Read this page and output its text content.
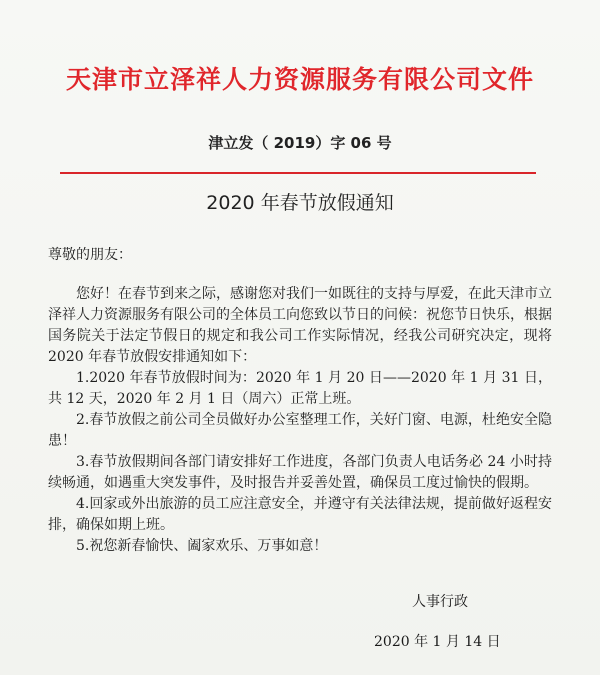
天津市立泽祥人力资源服务有限公司文件
津立发（ 2019）字 06 号
2020 年春节放假通知
尊敬的朋友：

您好！在春节到来之际，感谢您对我们一如既往的支持与厚爱，在此天津市立泽祥人力资源服务有限公司的全体员工向您致以节日的问候：祝您节日快乐，根据国务院关于法定节假日的规定和我公司工作实际情况，经我公司研究决定，现将 2020 年春节放假安排通知如下：

1.2020 年春节放假时间为：2020 年 1 月 20 日——2020 年 1 月 31 日，共 12 天，2020 年 2 月 1 日（周六）正常上班。

2.春节放假之前公司全员做好办公室整理工作，关好门窗、电源，杜绝安全隐患！

3.春节放假期间各部门请安排好工作进度，各部门负责人电话务必 24 小时持续畅通，如遇重大突发事件，及时报告并妥善处置，确保员工度过愉快的假期。

4.回家或外出旅游的员工应注意安全，并遵守有关法律法规，提前做好返程安排，确保如期上班。

5.祝您新春愉快、阖家欢乐、万事如意！

人事行政
2020 年 1 月 14 日
